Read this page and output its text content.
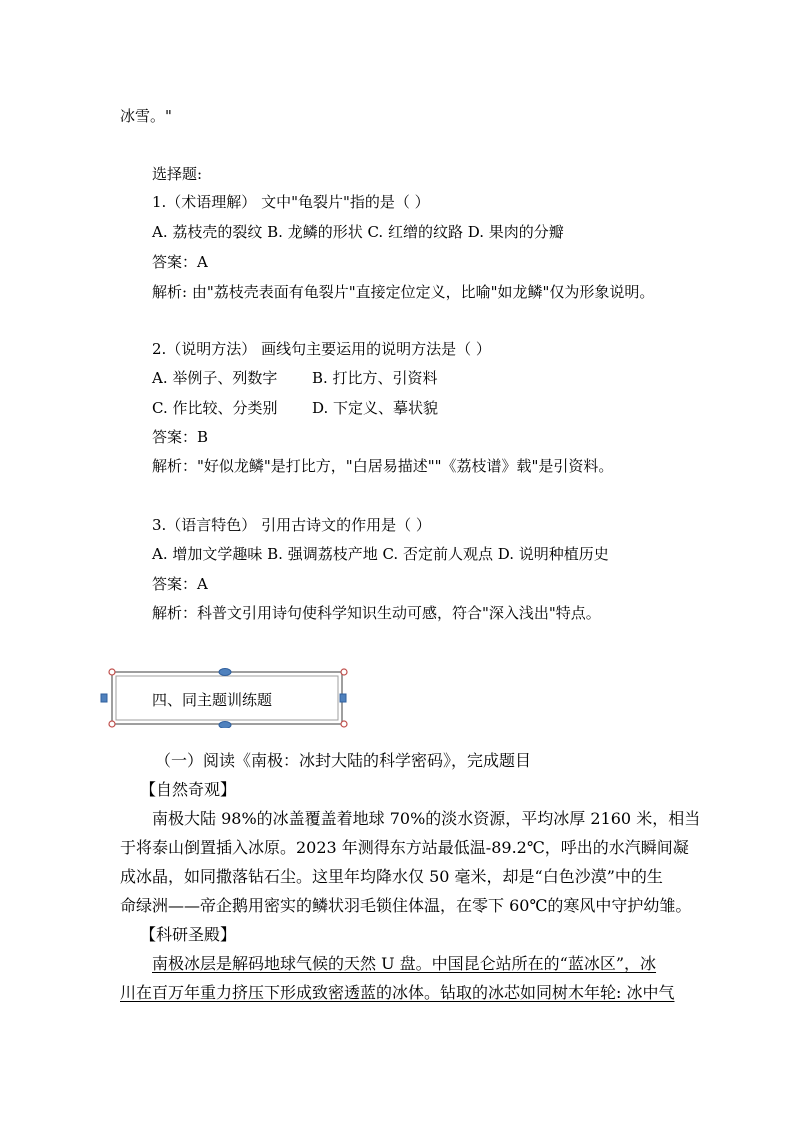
冰雪。"
选择题:
1.（术语理解） 文中"龟裂片"指的是（ ）
A. 荔枝壳的裂纹 B. 龙鳞的形状 C. 红缯的纹路 D. 果肉的分瓣
答案：A
解析: 由"荔枝壳表面有龟裂片"直接定位定义，比喻"如龙鳞"仅为形象说明。
2.（说明方法） 画线句主要运用的说明方法是（ ）
A. 举例子、列数字 B. 打比方、引资料
C. 作比较、分类别 D. 下定义、摹状貌
答案：B
解析："好似龙鳞"是打比方，"白居易描述""《荔枝谱》载"是引资料。
3.（语言特色） 引用古诗文的作用是（ ）
A. 增加文学趣味 B. 强调荔枝产地 C. 否定前人观点 D. 说明种植历史
答案：A
解析：科普文引用诗句使科学知识生动可感，符合"深入浅出"特点。
四、同主题训练题
（一）阅读《南极：冰封大陆的科学密码》，完成题目
【自然奇观】
南极大陆 98%的冰盖覆盖着地球 70%的淡水资源，平均冰厚 2160 米，相当
于将泰山倒置插入冰原。2023 年测得东方站最低温-89.2℃，呼出的水汽瞬间凝
成冰晶，如同撒落钻石尘。这里年均降水仅 50 毫米，却是“白色沙漠”中的生
命绿洲——帝企鹅用密实的鳞状羽毛锁住体温，在零下 60℃的寒风中守护幼雏。
【科研圣殿】
南极冰层是解码地球气候的天然 U 盘。中国昆仑站所在的“蓝冰区”，冰
川在百万年重力挤压下形成致密透蓝的冰体。钻取的冰芯如同树木年轮: 冰中气
